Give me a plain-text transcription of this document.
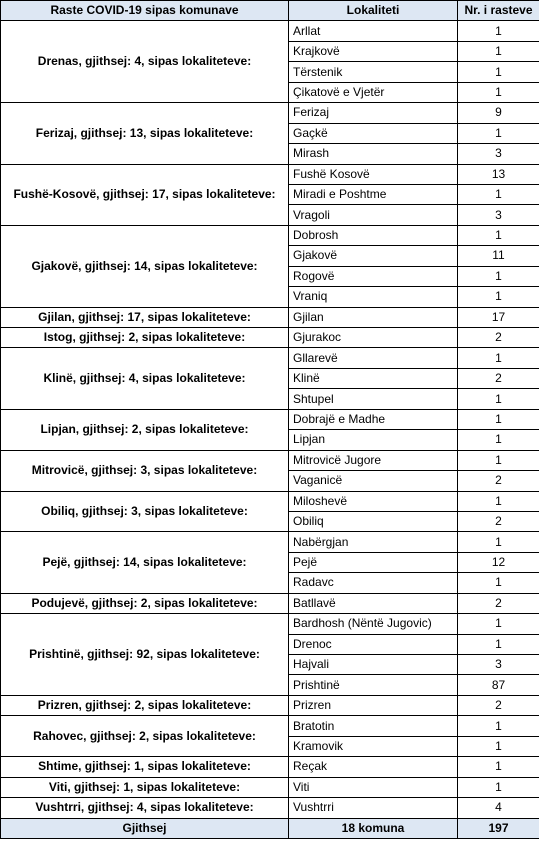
Raste COVID-19 sipas komunave	Lokaliteti	Nr. i rasteve
Drenas, gjithsej: 4, sipas lokaliteteve:	Arllat	1
	Krajkovë	1
	Tërstenik	1
	Çikatovë e Vjetër	1
Ferizaj, gjithsej: 13, sipas lokaliteteve:	Ferizaj	9
	Gaçkë	1
	Mirash	3
Fushë-Kosovë, gjithsej: 17, sipas lokaliteteve:	Fushë Kosovë	13
	Miradi e Poshtme	1
	Vragoli	3
Gjakovë, gjithsej: 14, sipas lokaliteteve:	Dobrosh	1
	Gjakovë	11
	Rogovë	1
	Vraniq	1
Gjilan, gjithsej: 17, sipas lokaliteteve:	Gjilan	17
Istog, gjithsej: 2, sipas lokaliteteve:	Gjurakoc	2
Klinë, gjithsej: 4, sipas lokaliteteve:	Gllarevë	1
	Klinë	2
	Shtupel	1
Lipjan, gjithsej: 2, sipas lokaliteteve:	Dobrajë e Madhe	1
	Lipjan	1
Mitrovicë, gjithsej: 3, sipas lokaliteteve:	Mitrovicë Jugore	1
	Vaganicë	2
Obiliq, gjithsej: 3, sipas lokaliteteve:	Miloshevë	1
	Obiliq	2
Pejë, gjithsej: 14, sipas lokaliteteve:	Nabërgjan	1
	Pejë	12
	Radavc	1
Podujevë, gjithsej: 2, sipas lokaliteteve:	Batllavë	2
Prishtinë, gjithsej: 92, sipas lokaliteteve:	Bardhosh (Nëntë Jugovic)	1
	Drenoc	1
	Hajvali	3
	Prishtinë	87
Prizren, gjithsej: 2, sipas lokaliteteve:	Prizren	2
Rahovec, gjithsej: 2, sipas lokaliteteve:	Bratotin	1
	Kramovik	1
Shtime, gjithsej: 1, sipas lokaliteteve:	Reçak	1
Viti, gjithsej: 1, sipas lokaliteteve:	Viti	1
Vushtrri, gjithsej: 4, sipas lokaliteteve:	Vushtrri	4
Gjithsej	18 komuna	197
